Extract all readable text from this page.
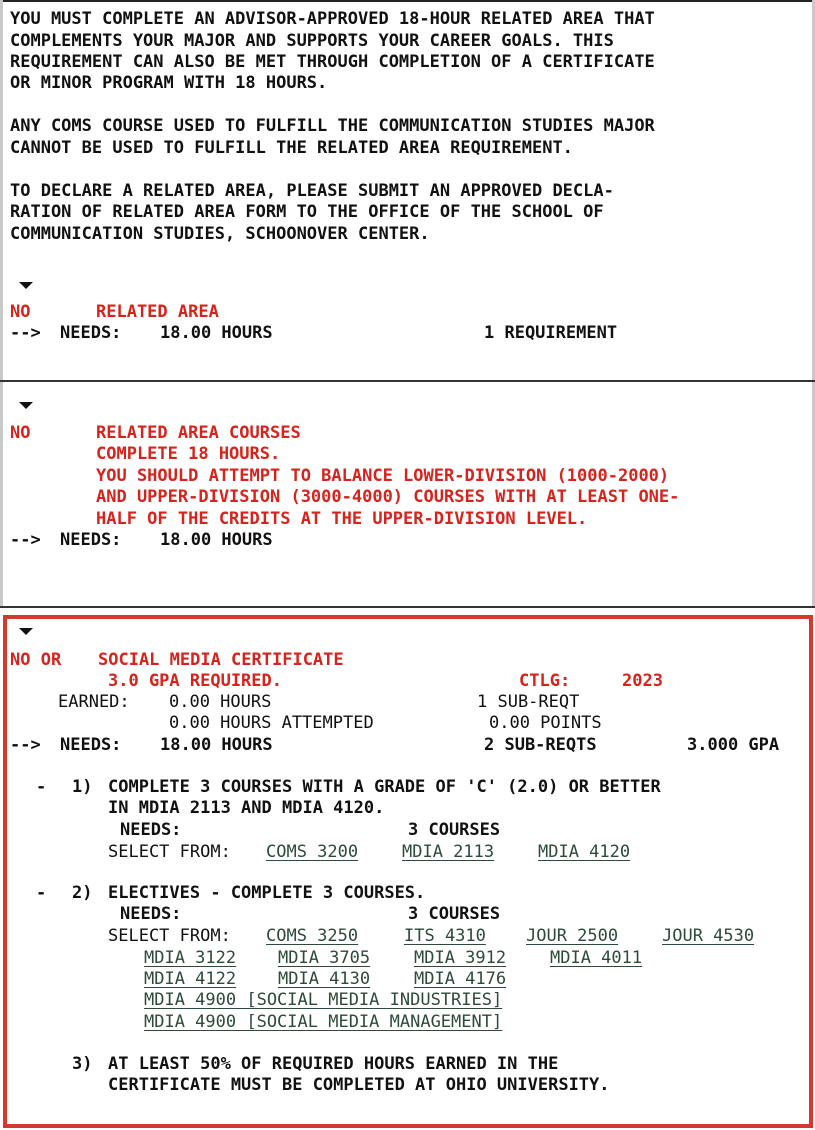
YOU MUST COMPLETE AN ADVISOR-APPROVED 18-HOUR RELATED AREA THAT
COMPLEMENTS YOUR MAJOR AND SUPPORTS YOUR CAREER GOALS. THIS
REQUIREMENT CAN ALSO BE MET THROUGH COMPLETION OF A CERTIFICATE
OR MINOR PROGRAM WITH 18 HOURS.
ANY COMS COURSE USED TO FULFILL THE COMMUNICATION STUDIES MAJOR
CANNOT BE USED TO FULFILL THE RELATED AREA REQUIREMENT.
TO DECLARE A RELATED AREA, PLEASE SUBMIT AN APPROVED DECLA-
RATION OF RELATED AREA FORM TO THE OFFICE OF THE SCHOOL OF
COMMUNICATION STUDIES, SCHOONOVER CENTER.
NO	RELATED AREA
--> NEEDS: 18.00 HOURS	1 REQUIREMENT
NO	RELATED AREA COURSES
COMPLETE 18 HOURS.
YOU SHOULD ATTEMPT TO BALANCE LOWER-DIVISION (1000-2000)
AND UPPER-DIVISION (3000-4000) COURSES WITH AT LEAST ONE-
HALF OF THE CREDITS AT THE UPPER-DIVISION LEVEL.
--> NEEDS: 18.00 HOURS
NO OR SOCIAL MEDIA CERTIFICATE
3.0 GPA REQUIRED.	CTLG:	2023
EARNED: 0.00 HOURS	1 SUB-REQT
0.00 HOURS ATTEMPTED	0.00 POINTS
--> NEEDS: 18.00 HOURS	2 SUB-REQTS	3.000 GPA
- 1) COMPLETE 3 COURSES WITH A GRADE OF 'C' (2.0) OR BETTER
IN MDIA 2113 AND MDIA 4120.
NEEDS:	3 COURSES
SELECT FROM: COMS 3200	MDIA 2113	MDIA 4120
- 2) ELECTIVES - COMPLETE 3 COURSES.
NEEDS:	3 COURSES
SELECT FROM: COMS 3250	ITS 4310 JOUR 2500	JOUR 4530
MDIA 3122 MDIA 3705	MDIA 3912	MDIA 4011
MDIA 4122 MDIA 4130	MDIA 4176
MDIA 4900 [SOCIAL MEDIA INDUSTRIES]
MDIA 4900 [SOCIAL MEDIA MANAGEMENT]
3) AT LEAST 50% OF REQUIRED HOURS EARNED IN THE
CERTIFICATE MUST BE COMPLETED AT OHIO UNIVERSITY.
